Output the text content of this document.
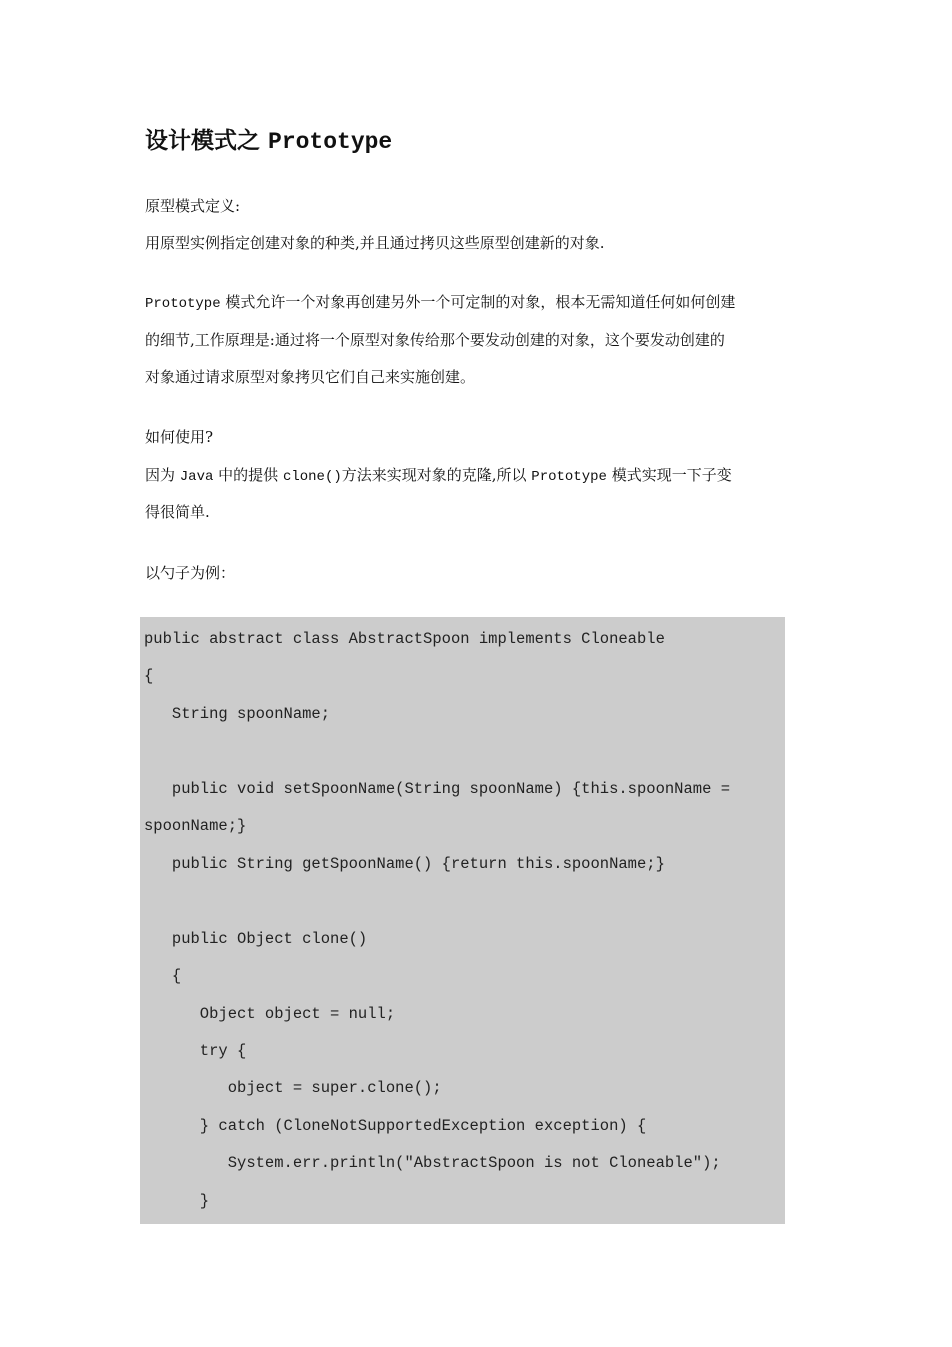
设计模式之 Prototype

原型模式定义:

用原型实例指定创建对象的种类,并且通过拷贝这些原型创建新的对象.

Prototype 模式允许一个对象再创建另外一个可定制的对象，根本无需知道任何如何创建

的细节,工作原理是:通过将一个原型对象传给那个要发动创建的对象，这个要发动创建的

对象通过请求原型对象拷贝它们自己来实施创建。

如何使用?

因为 Java 中的提供 clone()方法来实现对象的克隆,所以 Prototype 模式实现一下子变

得很简单.

以勺子为例：

public abstract class AbstractSpoon implements Cloneable
{
String spoonName;
public void setSpoonName(String spoonName) {this.spoonName =
spoonName;}
public String getSpoonName() {return this.spoonName;}
public Object clone()
{
Object object = null;
try {
object = super.clone();
} catch (CloneNotSupportedException exception) {
System.err.println("AbstractSpoon is not Cloneable");
}
